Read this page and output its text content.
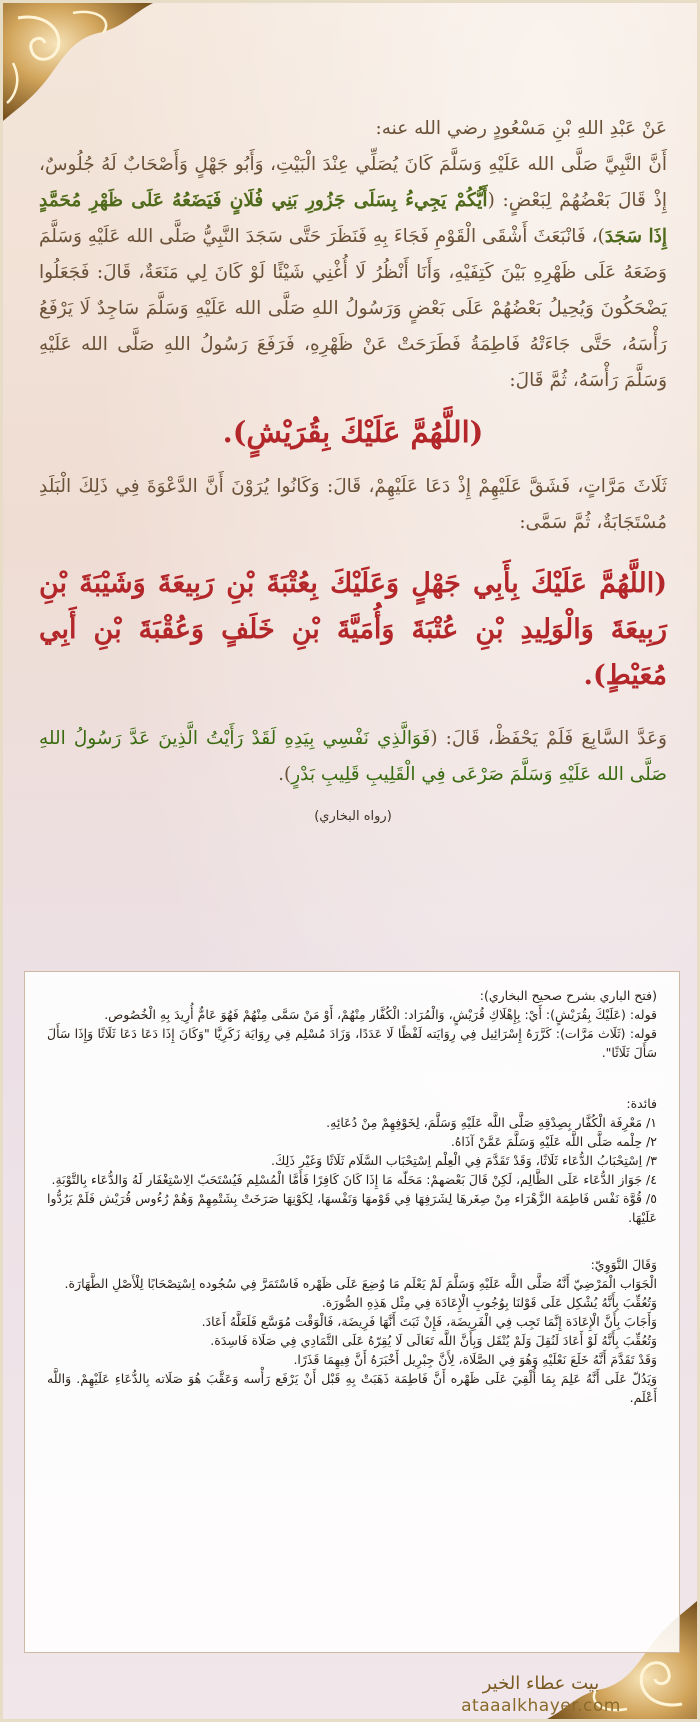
عَنْ عَبْدِ اللهِ بْنِ مَسْعُودٍ رضي الله عنه:

أَنَّ النَّبِيَّ صَلَّى الله عَلَيْهِ وَسَلَّمَ كَانَ يُصَلِّي عِنْدَ الْبَيْتِ، وَأَبُو جَهْلٍ وَأَصْحَابٌ لَهُ جُلُوسٌ، إِذْ قَالَ بَعْضُهُمْ لِبَعْضٍ: (أَيُّكُمْ يَجِيءُ بِسَلَى جَزُورِ بَنِي فُلَانٍ فَيَضَعُهُ عَلَى ظَهْرِ مُحَمَّدٍ إِذَا سَجَدَ)، فَانْبَعَثَ أَشْقَى الْقَوْمِ فَجَاءَ بِهِ فَنَظَرَ حَتَّى سَجَدَ النَّبِيُّ صَلَّى الله عَلَيْهِ وَسَلَّمَ وَضَعَهُ عَلَى ظَهْرِهِ بَيْنَ كَتِفَيْهِ، وَأَنَا أَنْظُرُ لَا أُغْنِي شَيْئًا لَوْ كَانَ لِي مَنَعَةٌ، قَالَ: فَجَعَلُوا يَضْحَكُونَ وَيُحِيلُ بَعْضُهُمْ عَلَى بَعْضٍ وَرَسُولُ اللهِ صَلَّى الله عَلَيْهِ وَسَلَّمَ سَاجِدٌ لَا يَرْفَعُ رَأْسَهُ، حَتَّى جَاءَتْهُ فَاطِمَةُ فَطَرَحَتْ عَنْ ظَهْرِهِ، فَرَفَعَ رَسُولُ اللهِ صَلَّى الله عَلَيْهِ وَسَلَّمَ رَأْسَهُ، ثُمَّ قَالَ:

(اللَّهُمَّ عَلَيْكَ بِقُرَيْشٍ).

ثَلَاثَ مَرَّاتٍ، فَشَقَّ عَلَيْهِمْ إِذْ دَعَا عَلَيْهِمْ، قَالَ: وَكَانُوا يُرَوْنَ أَنَّ الدَّعْوَةَ فِي ذَلِكَ الْبَلَدِ مُسْتَجَابَةٌ، ثُمَّ سَمَّى:

(اللَّهُمَّ عَلَيْكَ بِأَبِي جَهْلٍ وَعَلَيْكَ بِعُتْبَةَ بْنِ رَبِيعَةَ وَشَيْبَةَ بْنِ رَبِيعَةَ وَالْوَلِيدِ بْنِ عُتْبَةَ وَأُمَيَّةَ بْنِ خَلَفٍ وَعُقْبَةَ بْنِ أَبِي مُعَيْطٍ).

وَعَدَّ السَّابِعَ فَلَمْ يَحْفَظْ، قَالَ: (فَوَالَّذِي نَفْسِي بِيَدِهِ لَقَدْ رَأَيْتُ الَّذِينَ عَدَّ رَسُولُ اللهِ صَلَّى الله عَلَيْهِ وَسَلَّمَ صَرْعَى فِي الْقَلِيبِ قَلِيبِ بَدْرٍ).

(رواه البخاري)

(فتح الباري بشرح صحيح البخاري):

قوله: (عَلَيْكَ بِقُرَيْشٍ): أَيْ: بِإِهْلَاكِ قُرَيْشٍ، وَالْمُرَاد: الْكُفَّار مِنْهُمْ، أَوْ مَنْ سَمَّى مِنْهُمْ فَهُوَ عَامٌّ أُرِيدَ بِهِ الْخُصُوص.

قوله: (ثَلَاث مَرَّات): كَرَّرَهُ إِسْرَائِيل فِي رِوَايَته لَفْظًا لَا عَدَدًا، وَزَادَ مُسْلِم فِي رِوَايَة زَكَرِيَّا "وَكَانَ إِذَا دَعَا دَعَا ثَلَاثًا وَإِذَا سَأَلَ سَأَلَ ثَلَاثًا".

فائدة:

١/ مَعْرِفَة الْكُفَّار بِصِدْقِهِ صَلَّى اللَّه عَلَيْهِ وَسَلَّمَ، لِخَوْفِهِمْ مِنْ دُعَائِهِ.

٢/ حِلْمه صَلَّى اللَّه عَلَيْهِ وَسَلَّمَ عَمَّنْ آذَاهُ.

٣/ اِسْتِحْبَابُ الدُّعَاء ثَلَاثًا، وَقَدْ تَقَدَّمَ فِي الْعِلْم اِسْتِحْبَاب السَّلَام ثَلَاثًا وَغَيْر ذَلِكَ.

٤/ جَوَاز الدُّعَاء عَلَى الظَّالِم، لَكِنْ قَالَ بَعْضهمْ: مَحَلّه مَا إِذَا كَانَ كَافِرًا فَأَمَّا الْمُسْلِم فَيُسْتَحَبّ الِاسْتِغْفَار لَهُ وَالدُّعَاء بِالتَّوْبَةِ.

٥/ قُوَّة نَفْس فَاطِمَة الزَّهْرَاء مِنْ صِغَرهَا لِشَرَفِهَا فِي قَوْمهَا وَنَفْسهَا، لِكَوْنِهَا صَرَخَتْ بِشَتْمِهِمْ وَهُمْ رُءُوس قُرَيْش فَلَمْ يَرُدُّوا عَلَيْهَا.

وَقَالَ النَّوَوِيّ:

الْجَوَاب الْمَرْضِيّ أَنَّهُ صَلَّى اللَّه عَلَيْهِ وَسَلَّمَ لَمْ يَعْلَم مَا وُضِعَ عَلَى ظَهْره فَاسْتَمَرَّ فِي سُجُوده اِسْتِصْحَابًا لِلْأَصْلِ الطَّهَارَة.

وَتُعُقِّبَ بِأَنَّهُ يُشْكِل عَلَى قَوْلنَا بِوُجُوبِ الْإِعَادَة فِي مِثْل هَذِهِ الصُّورَة.

وَأَجَابَ بِأَنَّ الْإِعَادَة إِنَّمَا تَجِب فِي الْفَرِيضَة، فَإِنْ ثَبَتَ أَنَّهَا فَرِيضَة، فَالْوَقْت مُوَسَّع فَلَعَلَّهُ أَعَادَ.

وَتُعُقِّبَ بِأَنَّهُ لَوْ أَعَادَ لَنُقِلَ وَلَمْ يُنْقَل وَبِأَنَّ اللَّه تَعَالَى لَا يُقِرّهُ عَلَى التَّمَادِي فِي صَلَاة فَاسِدَة.

وَقَدْ تَقَدَّمَ أَنَّهُ خَلَعَ نَعْلَيْهِ وَهُوَ فِي الصَّلَاة، لِأَنَّ جِبْرِيل أَخْبَرَهُ أَنَّ فِيهِمَا قَذَرًا.

وَيَدُلّ عَلَى أَنَّهُ عَلِمَ بِمَا أُلْقِيَ عَلَى ظَهْره أَنَّ فَاطِمَة ذَهَبَتْ بِهِ قَبْل أَنْ يَرْفَع رَأْسه وَعَقَّبَ هُوَ صَلَاته بِالدُّعَاءِ عَلَيْهِمْ. وَاللَّه أَعْلَم.

بيت عطاء الخير
ataaalkhayer.com
